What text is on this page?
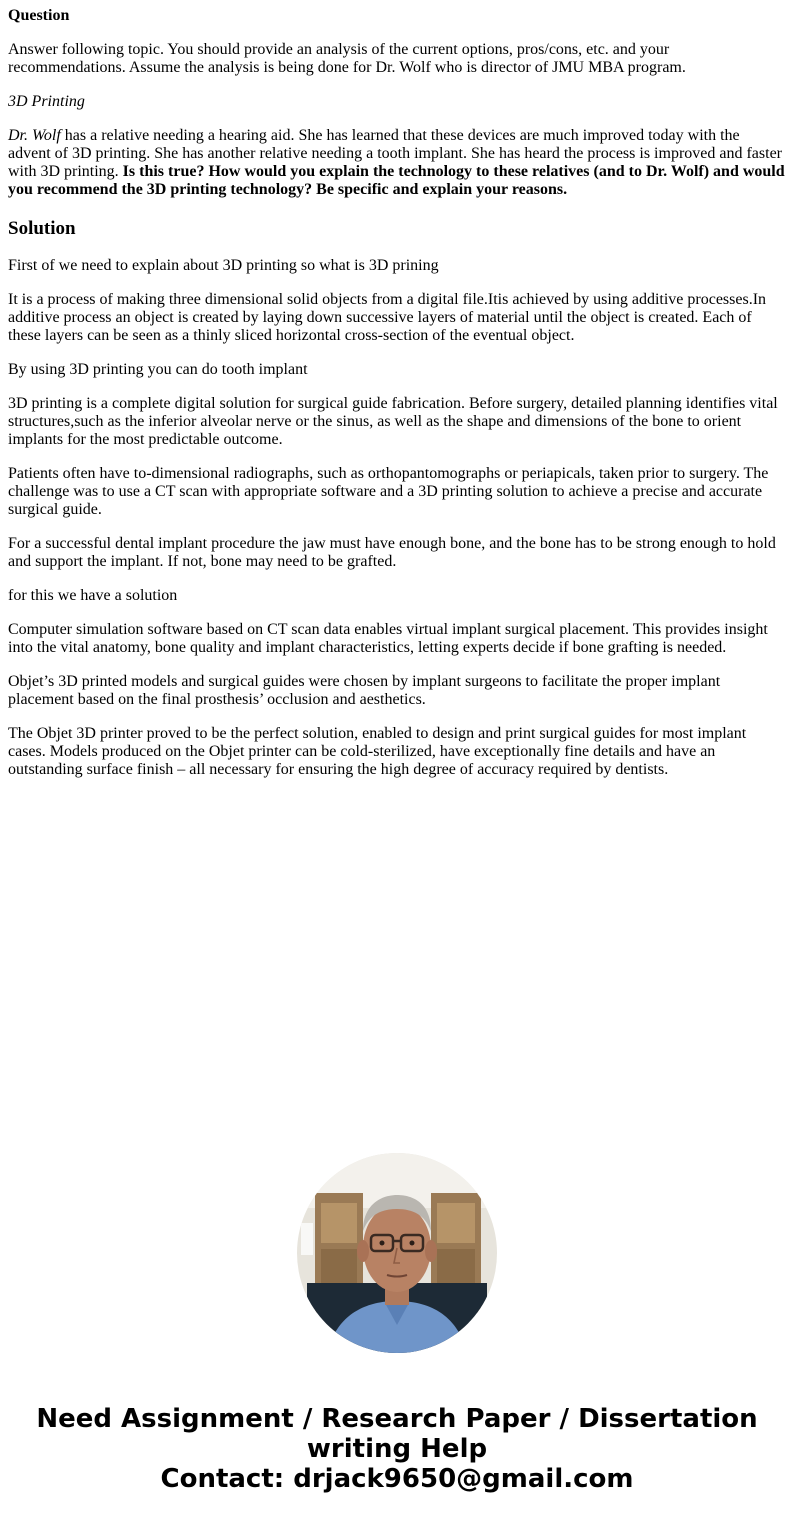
Question

Answer following topic. You should provide an analysis of the current options, pros/cons, etc. and your recommendations. Assume the analysis is being done for Dr. Wolf who is director of JMU MBA program.

3D Printing

Dr. Wolf has a relative needing a hearing aid. She has learned that these devices are much improved today with the advent of 3D printing. She has another relative needing a tooth implant. She has heard the process is improved and faster with 3D printing. Is this true? How would you explain the technology to these relatives (and to Dr. Wolf) and would you recommend the 3D printing technology? Be specific and explain your reasons.

Solution

First of we need to explain about 3D printing so what is 3D prining

It is a process of making three dimensional solid objects from a digital file.Itis achieved by using additive processes.In additive process an object is created by laying down successive layers of material until the object is created. Each of these layers can be seen as a thinly sliced horizontal cross-section of the eventual object.

By using 3D printing you can do tooth implant

3D printing is a complete digital solution for surgical guide fabrication. Before surgery, detailed planning identifies vital structures,such as the inferior alveolar nerve or the sinus, as well as the shape and dimensions of the bone to orient implants for the most predictable outcome.

Patients often have to-dimensional radiographs, such as orthopantomographs or periapicals, taken prior to surgery. The challenge was to use a CT scan with appropriate software and a 3D printing solution to achieve a precise and accurate surgical guide.

For a successful dental implant procedure the jaw must have enough bone, and the bone has to be strong enough to hold and support the implant. If not, bone may need to be grafted.

for this we have a solution

Computer simulation software based on CT scan data enables virtual implant surgical placement. This provides insight into the vital anatomy, bone quality and implant characteristics, letting experts decide if bone grafting is needed.

Objet’s 3D printed models and surgical guides were chosen by implant surgeons to facilitate the proper implant placement based on the final prosthesis’ occlusion and aesthetics.

The Objet 3D printer proved to be the perfect solution, enabled to design and print surgical guides for most implant cases. Models produced on the Objet printer can be cold-sterilized, have exceptionally fine details and have an outstanding surface finish – all necessary for ensuring the high degree of accuracy required by dentists.

Need Assignment / Research Paper / Dissertation
writing Help
Contact: drjack9650@gmail.com
